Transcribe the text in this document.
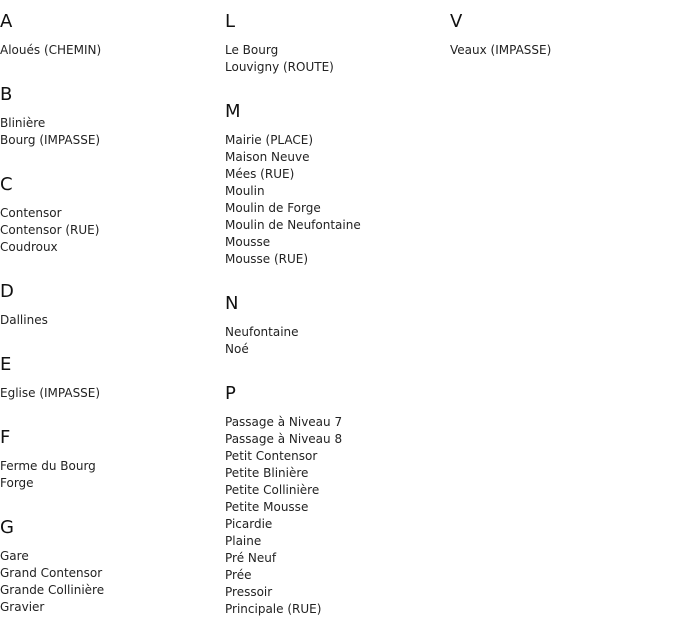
A
Aloués (CHEMIN)
B
Blinière
Bourg (IMPASSE)
C
Contensor
Contensor (RUE)
Coudroux
D
Dallines
E
Eglise (IMPASSE)
F
Ferme du Bourg
Forge
G
Gare
Grand Contensor
Grande Collinière
Gravier
L
Le Bourg
Louvigny (ROUTE)
M
Mairie (PLACE)
Maison Neuve
Mées (RUE)
Moulin
Moulin de Forge
Moulin de Neufontaine
Mousse
Mousse (RUE)
N
Neufontaine
Noé
P
Passage à Niveau 7
Passage à Niveau 8
Petit Contensor
Petite Blinière
Petite Collinière
Petite Mousse
Picardie
Plaine
Pré Neuf
Prée
Pressoir
Principale (RUE)
V
Veaux (IMPASSE)
